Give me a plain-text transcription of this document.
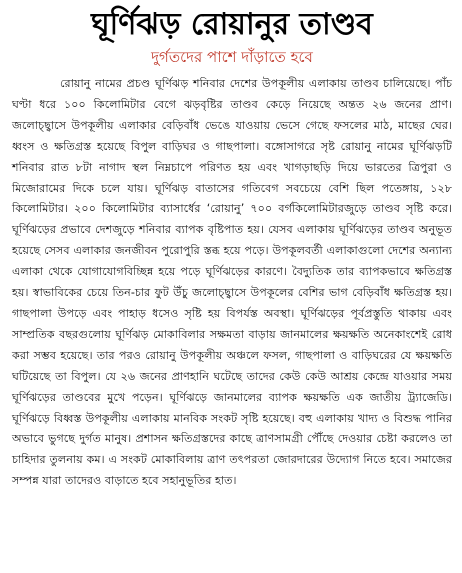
ঘূর্ণিঝড় রোয়ানুর তাণ্ডব
দুর্গতদের পাশে দাঁড়াতে হবে

রোয়ানু নামের প্রচণ্ড ঘূর্ণিঝড় শনিবার দেশের উপকূলীয় এলাকায় তাণ্ডব চালিয়েছে। পাঁচ ঘণ্টা ধরে ১০০ কিলোমিটার বেগে ঝড়বৃষ্টির তাণ্ডব কেড়ে নিয়েছে অন্তত ২৬ জনের প্রাণ। জলোচ্ছ্বাসে উপকূলীয় এলাকার বেড়িবাঁধ ভেঙে যাওয়ায় ভেসে গেছে ফসলের মাঠ, মাছের ঘের। ধ্বংস ও ক্ষতিগ্রস্ত হয়েছে বিপুল বাড়িঘর ও গাছপালা। বঙ্গোসাগরে সৃষ্ট রোয়ানু নামের ঘূর্ণিঝড়টি শনিবার রাত ৮টা নাগাদ স্থল নিম্নচাপে পরিণত হয় এবং খাগড়াছড়ি দিয়ে ভারতের ত্রিপুরা ও মিজোরামের দিকে চলে যায়। ঘূর্ণিঝড় বাতাসের গতিবেগ সবচেয়ে বেশি ছিল পতেঙ্গায়, ১২৮ কিলোমিটার। ২০০ কিলোমিটার ব্যাসার্ধের ‘রোয়ানু’ ৭০০ বর্গকিলোমিটারজুড়ে তাণ্ডব সৃষ্টি করে। ঘূর্ণিঝড়ের প্রভাবে দেশজুড়ে শনিবার ব্যাপক বৃষ্টিপাত হয়। যেসব এলাকায় ঘূর্ণিঝড়ের তাণ্ডব অনুভূত হয়েছে সেসব এলাকার জনজীবন পুরোপুরি স্তব্ধ হয়ে পড়ে। উপকূলবর্তী এলাকাগুলো দেশের অন্যান্য এলাকা থেকে যোগাযোগবিচ্ছিন্ন হয়ে পড়ে ঘূর্ণিঝড়ের কারণে। বৈদ্যুতিক তার ব্যাপকভাবে ক্ষতিগ্রস্ত হয়। স্বাভাবিকের চেয়ে তিন-চার ফুট উঁচু জলোচ্ছ্বাসে উপকূলের বেশির ভাগ বেড়িবাঁধ ক্ষতিগ্রস্ত হয়। গাছপালা উপড়ে এবং পাহাড় ধসেও সৃষ্টি হয় বিপর্যস্ত অবস্থা। ঘূর্ণিঝড়ের পূর্বপ্রস্তুতি থাকায় এবং সাম্প্রতিক বছরগুলোয় ঘূর্ণিঝড় মোকাবিলার সক্ষমতা বাড়ায় জানমালের ক্ষয়ক্ষতি অনেকাংশেই রোধ করা সম্ভব হয়েছে। তার পরও রোয়ানু উপকূলীয় অঞ্চলে ফসল, গাছপালা ও বাড়িঘরের যে ক্ষয়ক্ষতি ঘটিয়েছে তা বিপুল। যে ২৬ জনের প্রাণহানি ঘটেছে তাদের কেউ কেউ আশ্রয় কেন্দ্রে যাওয়ার সময় ঘূর্ণিঝড়ের তাণ্ডবের মুখে পড়েন। ঘূর্ণিঝড়ে জানমালের ব্যাপক ক্ষয়ক্ষতি এক জাতীয় ট্র্যাজেডি। ঘূর্ণিঝড়ে বিধ্বস্ত উপকূলীয় এলাকায় মানবিক সংকট সৃষ্টি হয়েছে। বহু এলাকায় খাদ্য ও বিশুদ্ধ পানির অভাবে ভুগছে দুর্গত মানুষ। প্রশাসন ক্ষতিগ্রস্তদের কাছে ত্রাণসামগ্রী পৌঁছে দেওয়ার চেষ্টা করলেও তা চাহিদার তুলনায় কম। এ সংকট মোকাবিলায় ত্রাণ তৎপরতা জোরদারের উদ্যোগ নিতে হবে। সমাজের সম্পন্ন যারা তাদেরও বাড়াতে হবে সহানুভূতির হাত।
